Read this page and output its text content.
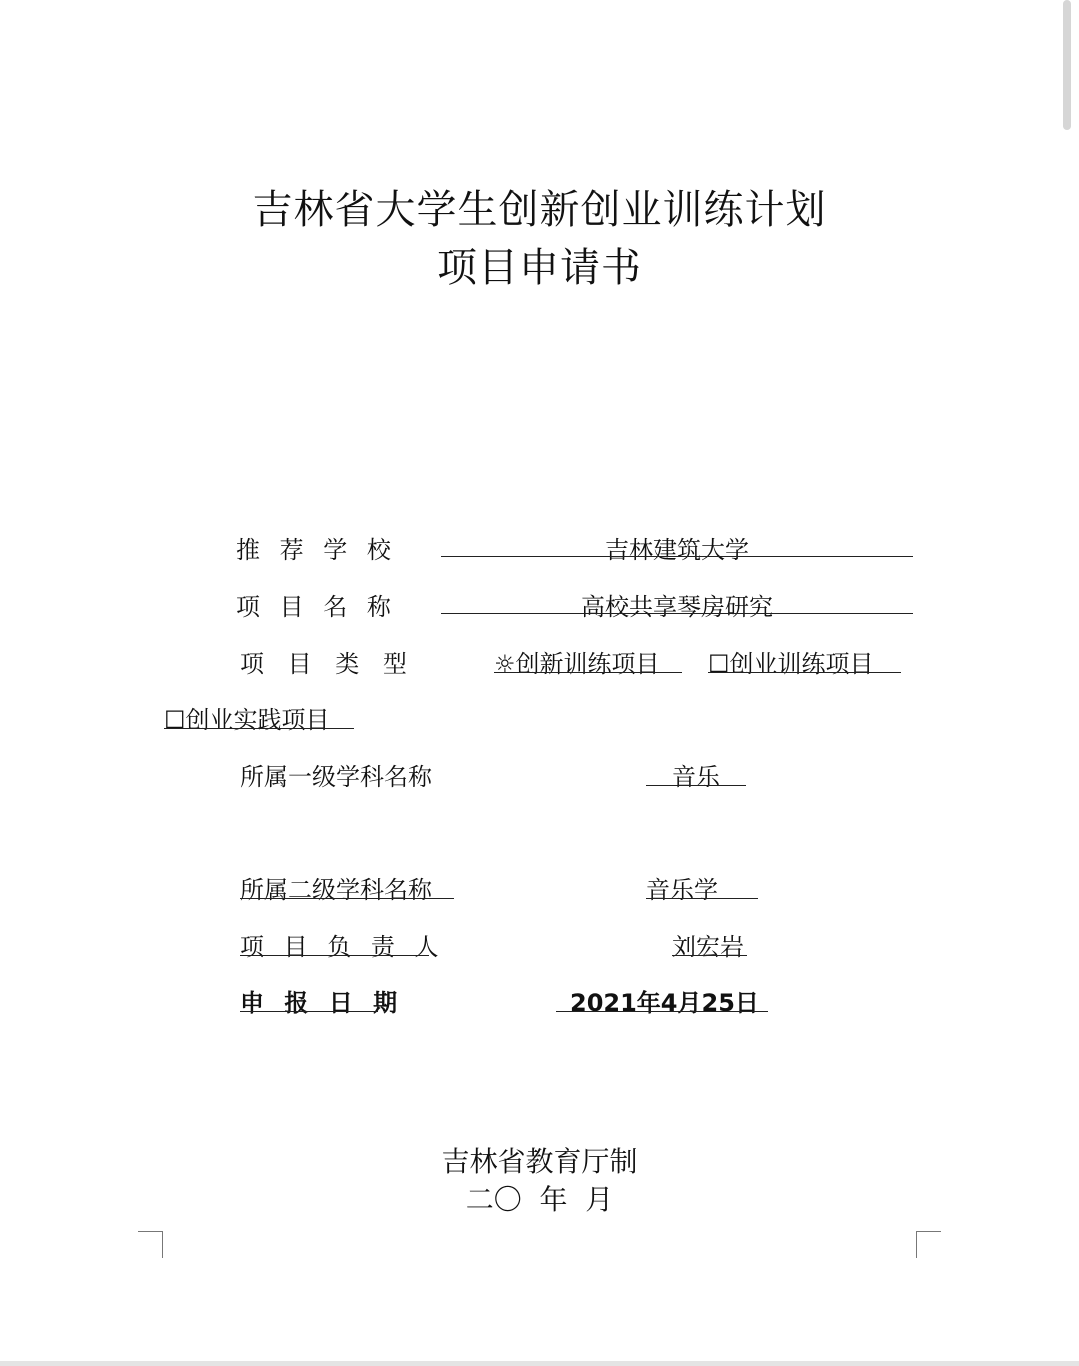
吉林省大学生创新创业训练计划
项目申请书
推 荐 学 校	吉林建筑大学
项 目 名 称	高校共享琴房研究
项 目 类 型	☼创新训练项目	☐创业训练项目
☐创业实践项目
所属一级学科名称	音乐
所属二级学科名称	音乐学
项 目 负 责 人	刘宏岩
申 报 日 期	2021年4月25日
吉林省教育厅制
二〇  年  月
